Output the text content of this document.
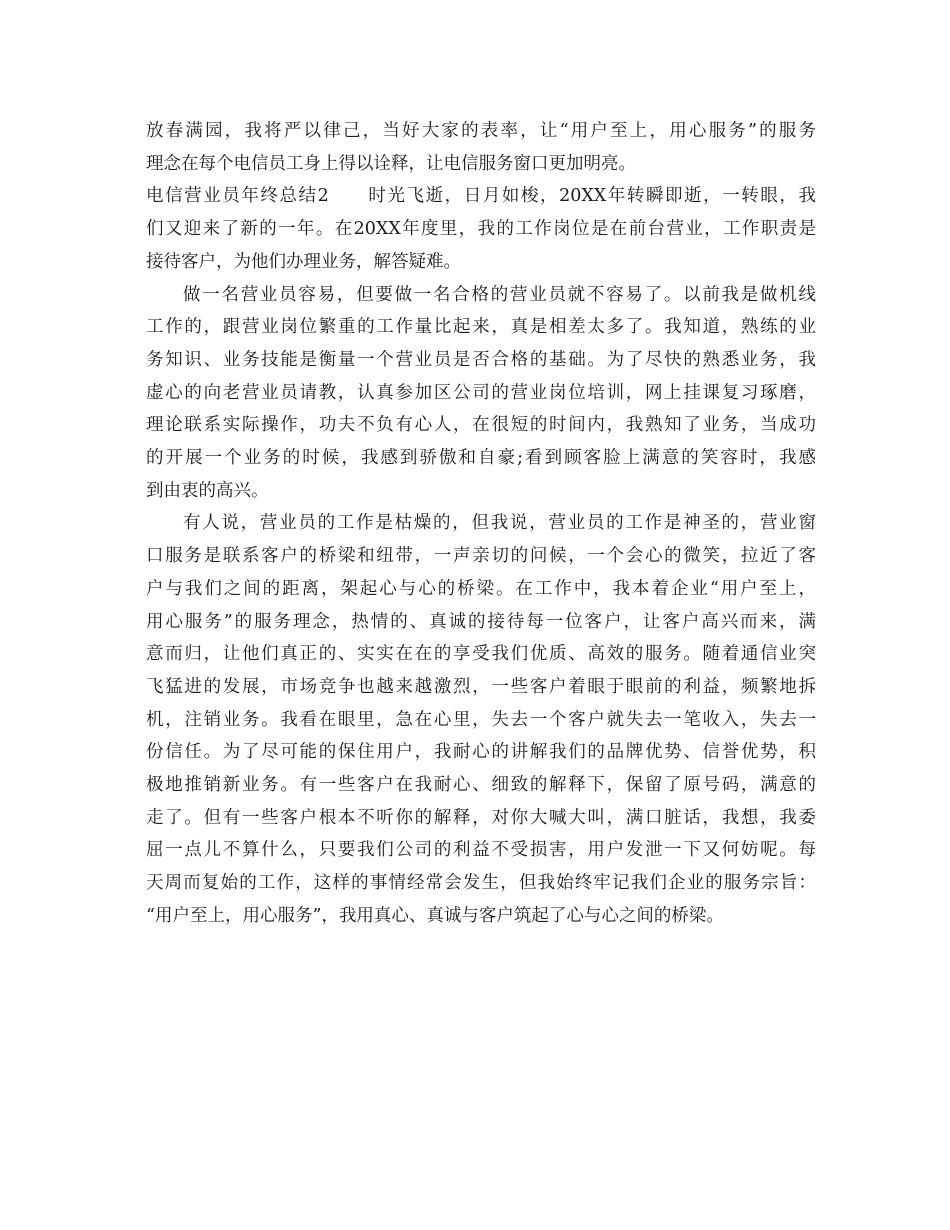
放春满园，我将严以律己，当好大家的表率，让“用户至上，用心服务”的服务
理念在每个电信员工身上得以诠释，让电信服务窗口更加明亮。
电信营业员年终总结2　　时光飞逝，日月如梭，20XX年转瞬即逝，一转眼，我
们又迎来了新的一年。在20XX年度里，我的工作岗位是在前台营业，工作职责是
接待客户，为他们办理业务，解答疑难。
做一名营业员容易，但要做一名合格的营业员就不容易了。以前我是做机线
工作的，跟营业岗位繁重的工作量比起来，真是相差太多了。我知道，熟练的业
务知识、业务技能是衡量一个营业员是否合格的基础。为了尽快的熟悉业务，我
虚心的向老营业员请教，认真参加区公司的营业岗位培训，网上挂课复习琢磨，
理论联系实际操作，功夫不负有心人，在很短的时间内，我熟知了业务，当成功
的开展一个业务的时候，我感到骄傲和自豪;看到顾客脸上满意的笑容时，我感
到由衷的高兴。
有人说，营业员的工作是枯燥的，但我说，营业员的工作是神圣的，营业窗
口服务是联系客户的桥梁和纽带，一声亲切的问候，一个会心的微笑，拉近了客
户与我们之间的距离，架起心与心的桥梁。在工作中，我本着企业“用户至上，
用心服务”的服务理念，热情的、真诚的接待每一位客户，让客户高兴而来，满
意而归，让他们真正的、实实在在的享受我们优质、高效的服务。随着通信业突
飞猛进的发展，市场竞争也越来越激烈，一些客户着眼于眼前的利益，频繁地拆
机，注销业务。我看在眼里，急在心里，失去一个客户就失去一笔收入，失去一
份信任。为了尽可能的保住用户，我耐心的讲解我们的品牌优势、信誉优势，积
极地推销新业务。有一些客户在我耐心、细致的解释下，保留了原号码，满意的
走了。但有一些客户根本不听你的解释，对你大喊大叫，满口脏话，我想，我委
屈一点儿不算什么，只要我们公司的利益不受损害，用户发泄一下又何妨呢。每
天周而复始的工作，这样的事情经常会发生，但我始终牢记我们企业的服务宗旨：
“用户至上，用心服务”，我用真心、真诚与客户筑起了心与心之间的桥梁。
